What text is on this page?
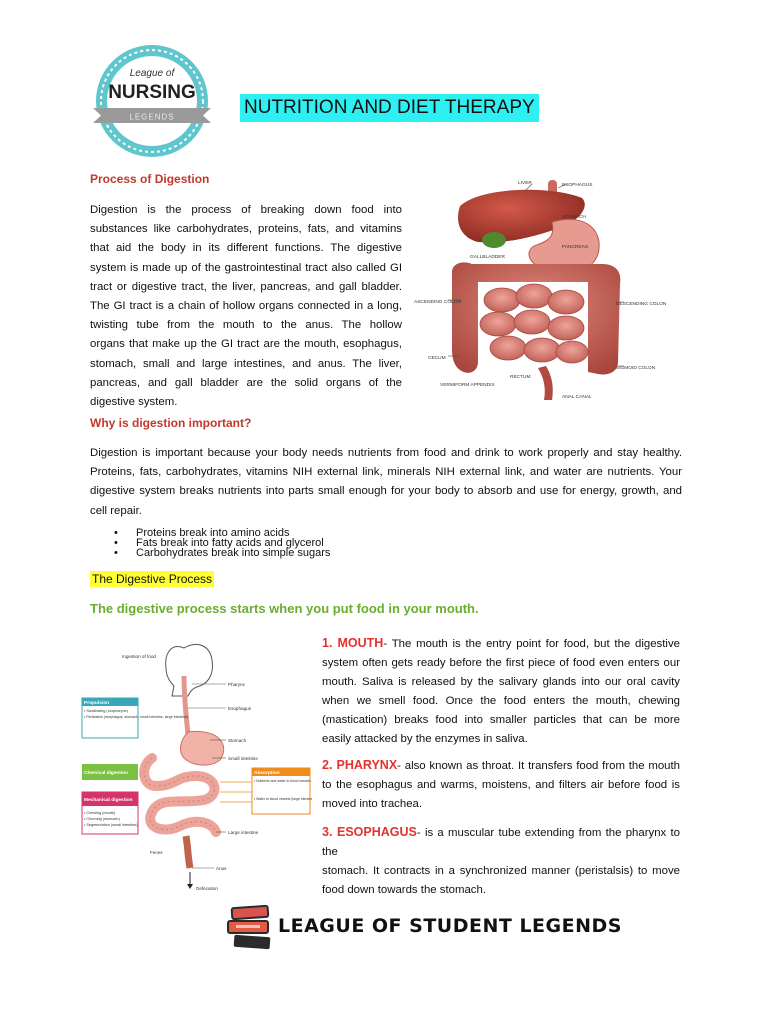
League of
NURSING
LEGENDS	NUTRITION AND DIET THERAPY
Process of Digestion
Digestion is the process of breaking down food into
substances like carbohydrates, proteins, fats, and vitamins
that aid the body in its different functions. The digestive
system is made up of the gastrointestinal tract also called GI
tract or digestive tract, the liver, pancreas, and gall bladder.
The GI tract is a chain of hollow organs connected in a long,
twisting tube from the mouth to the anus. The hollow
organs that make up the GI tract are the mouth, esophagus,
stomach, small and large intestines, and anus. The liver,
pancreas, and gall bladder are the solid organs of the
digestive system.
LIVER	ESOPHAGUS
STOMACH
GALLBLADDER
PANCREAS
ASCENDING COLON	DESCENDING COLON
CECUM
VERMIFORM APPENDIX
RECTUM
SIGMOID COLON
ANAL CANAL
Why is digestion important?
Digestion is important because your body needs nutrients from food and drink to work properly and stay healthy.
Proteins, fats, carbohydrates, vitamins NIH external link, minerals NIH external link, and water are nutrients. Your
digestive system breaks nutrients into parts small enough for your body to absorb and use for energy, growth, and
cell repair.
• Proteins break into amino acids
• Fats break into fatty acids and glycerol
• Carbohydrates break into simple sugars
The Digestive Process
The digestive process starts when you put food in your mouth.
Ingestion of food
Pharynx
Esophagus
Stomach
Small intestine
Large intestine
Anus
Defecation
Feces
Propulsion
• Swallowing (oropharynx)
• Peristalsis (esophagus, stomach, small intestine, large intestine)
Chemical digestion
Mechanical digestion
• Chewing (mouth)
• Churning (stomach)
• Segmentation (small intestine)
Absorption
• Nutrients and water to blood vessels
• Water to blood vessels (large intestine)
1. MOUTH- The mouth is the entry point for food, but the digestive
system often gets ready before the first piece of food even enters our
mouth. Saliva is released by the salivary glands into our oral cavity
when we smell food. Once the food enters the mouth, chewing
(mastication) breaks food into smaller particles that can be more
easily attacked by the enzymes in saliva.
2. PHARYNX- also known as throat. It transfers food from the mouth
to the esophagus and warms, moistens, and filters air before food is
moved into trachea.
3. ESOPHAGUS- is a muscular tube extending from the pharynx to the
stomach. It contracts in a synchronized manner (peristalsis) to move
food down towards the stomach.
LEAGUE OF STUDENT LEGENDS
